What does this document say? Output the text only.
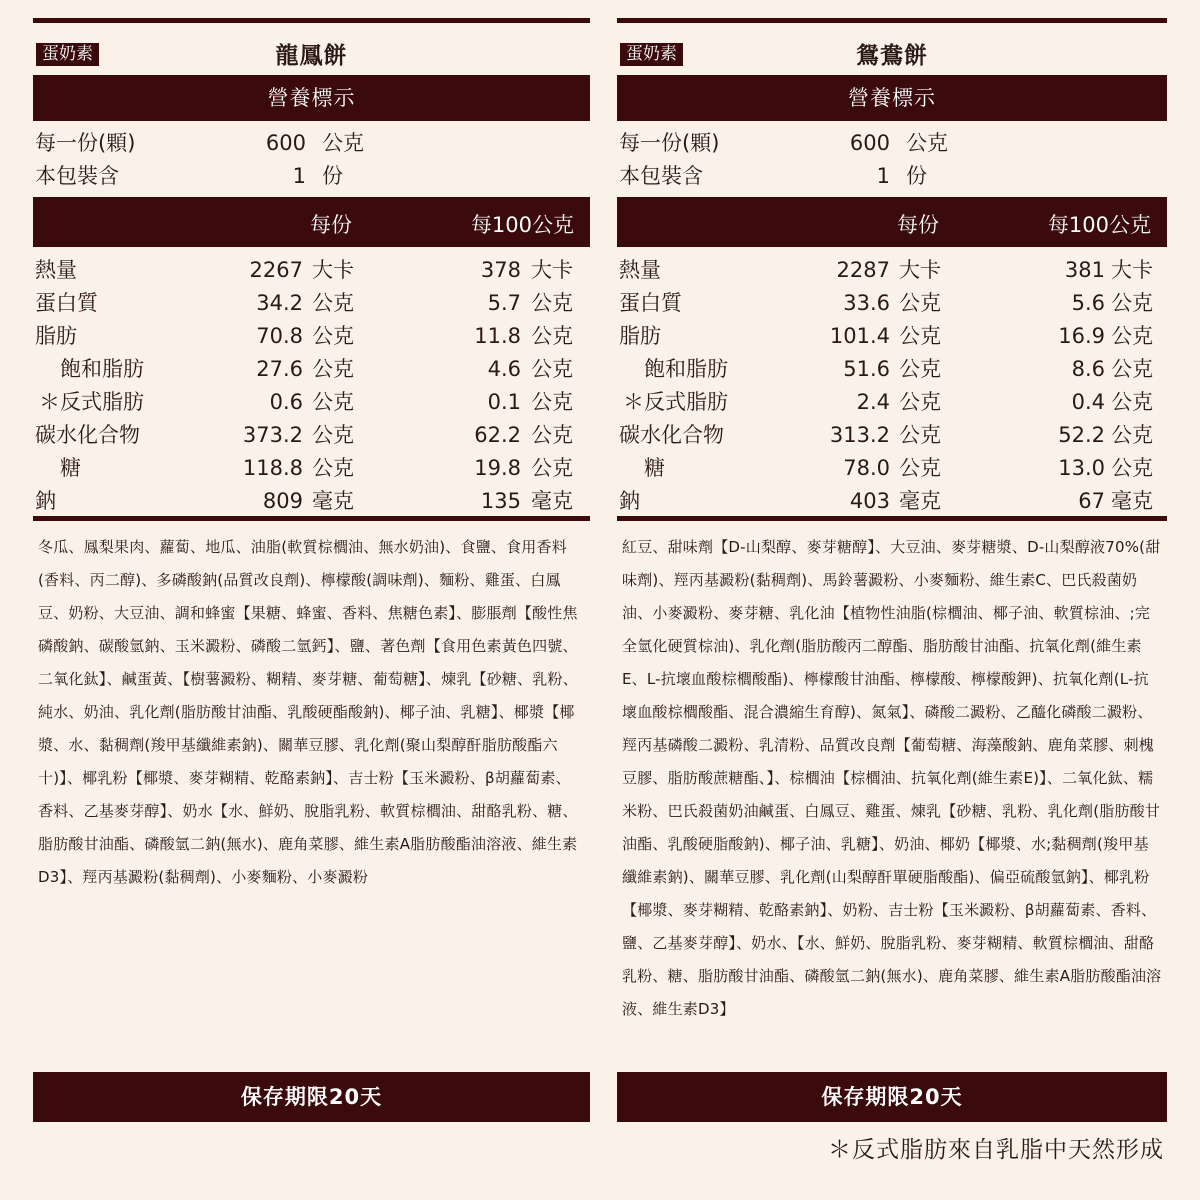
蛋奶素	龍鳳餅
營養標示
每一份(顆)	600 公克
本包裝含	1 份
每份	每100公克
熱量	2267 大卡	378 大卡
蛋白質	34.2 公克	5.7 公克
脂肪	70.8 公克	11.8 公克
飽和脂肪	27.6 公克	4.6 公克
＊反式脂肪	0.6 公克	0.1 公克
碳水化合物	373.2 公克	62.2 公克
糖	118.8 公克	19.8 公克
鈉	809 毫克	135 毫克
冬瓜、鳳梨果肉、蘿蔔、地瓜、油脂(軟質棕櫚油、無水奶油)、食鹽、食用香料(香料、丙二醇)、多磷酸鈉(品質改良劑)、檸檬酸(調味劑)、麵粉、雞蛋、白鳳豆、奶粉、大豆油、調和蜂蜜【果糖、蜂蜜、香料、焦糖色素】、膨脹劑【酸性焦磷酸鈉、碳酸氫鈉、玉米澱粉、磷酸二氫鈣】、鹽、著色劑【食用色素黃色四號、二氧化鈦】、鹹蛋黃、【樹薯澱粉、糊精、麥芽糖、葡萄糖】、煉乳【砂糖、乳粉、純水、奶油、乳化劑(脂肪酸甘油酯、乳酸硬酯酸鈉)、椰子油、乳糖】、椰漿【椰漿、水、黏稠劑(羧甲基纖維素鈉)、關華豆膠、乳化劑(聚山梨醇酐脂肪酸酯六十)】、椰乳粉【椰漿、麥芽糊精、乾酪素鈉】、吉士粉【玉米澱粉、β胡蘿蔔素、香料、乙基麥芽醇】、奶水【水、鮮奶、脫脂乳粉、軟質棕櫚油、甜酪乳粉、糖、脂肪酸甘油酯、磷酸氫二鈉(無水)、鹿角菜膠、維生素A脂肪酸酯油溶液、維生素D3】、羥丙基澱粉(黏稠劑)、小麥麵粉、小麥澱粉
蛋奶素	鴛鴦餅
營養標示
每一份(顆)	600 公克
本包裝含	1 份
每份	每100公克
熱量	2287 大卡	381 大卡
蛋白質	33.6 公克	5.6 公克
脂肪	101.4 公克	16.9 公克
飽和脂肪	51.6 公克	8.6 公克
＊反式脂肪	2.4 公克	0.4 公克
碳水化合物	313.2 公克	52.2 公克
糖	78.0 公克	13.0 公克
鈉	403 毫克	67 毫克
紅豆、甜味劑【D-山梨醇、麥芽糖醇】、大豆油、麥芽糖漿、D-山梨醇液70%(甜味劑)、羥丙基澱粉(黏稠劑)、馬鈴薯澱粉、小麥麵粉、維生素C、巴氏殺菌奶油、小麥澱粉、麥芽糖、乳化油【植物性油脂(棕櫚油、椰子油、軟質棕油、;完全氫化硬質棕油)、乳化劑(脂肪酸丙二醇酯、脂肪酸甘油酯、抗氧化劑(維生素E、L-抗壞血酸棕櫚酸酯)、檸檬酸甘油酯、檸檬酸、檸檬酸鉀)、抗氧化劑(L-抗壞血酸棕櫚酸酯、混合濃縮生育醇)、氮氣】、磷酸二澱粉、乙醯化磷酸二澱粉、羥丙基磷酸二澱粉、乳清粉、品質改良劑【葡萄糖、海藻酸鈉、鹿角菜膠、刺槐豆膠、脂肪酸蔗糖酯、】、棕櫚油【棕櫚油、抗氧化劑(維生素E)】、二氧化鈦、糯米粉、巴氏殺菌奶油鹹蛋、白鳳豆、雞蛋、煉乳【砂糖、乳粉、乳化劑(脂肪酸甘油酯、乳酸硬脂酸鈉)、椰子油、乳糖】、奶油、椰奶【椰漿、水;黏稠劑(羧甲基纖維素鈉)、關華豆膠、乳化劑(山梨醇酐單硬脂酸酯)、偏亞硫酸氫鈉】、椰乳粉【椰漿、麥芽糊精、乾酪素鈉】、奶粉、吉士粉【玉米澱粉、β胡蘿蔔素、香料、鹽、乙基麥芽醇】、奶水、【水、鮮奶、脫脂乳粉、麥芽糊精、軟質棕櫚油、甜酪乳粉、糖、脂肪酸甘油酯、磷酸氫二鈉(無水)、鹿角菜膠、維生素A脂肪酸酯油溶液、維生素D3】
保存期限20天	保存期限20天
＊反式脂肪來自乳脂中天然形成
